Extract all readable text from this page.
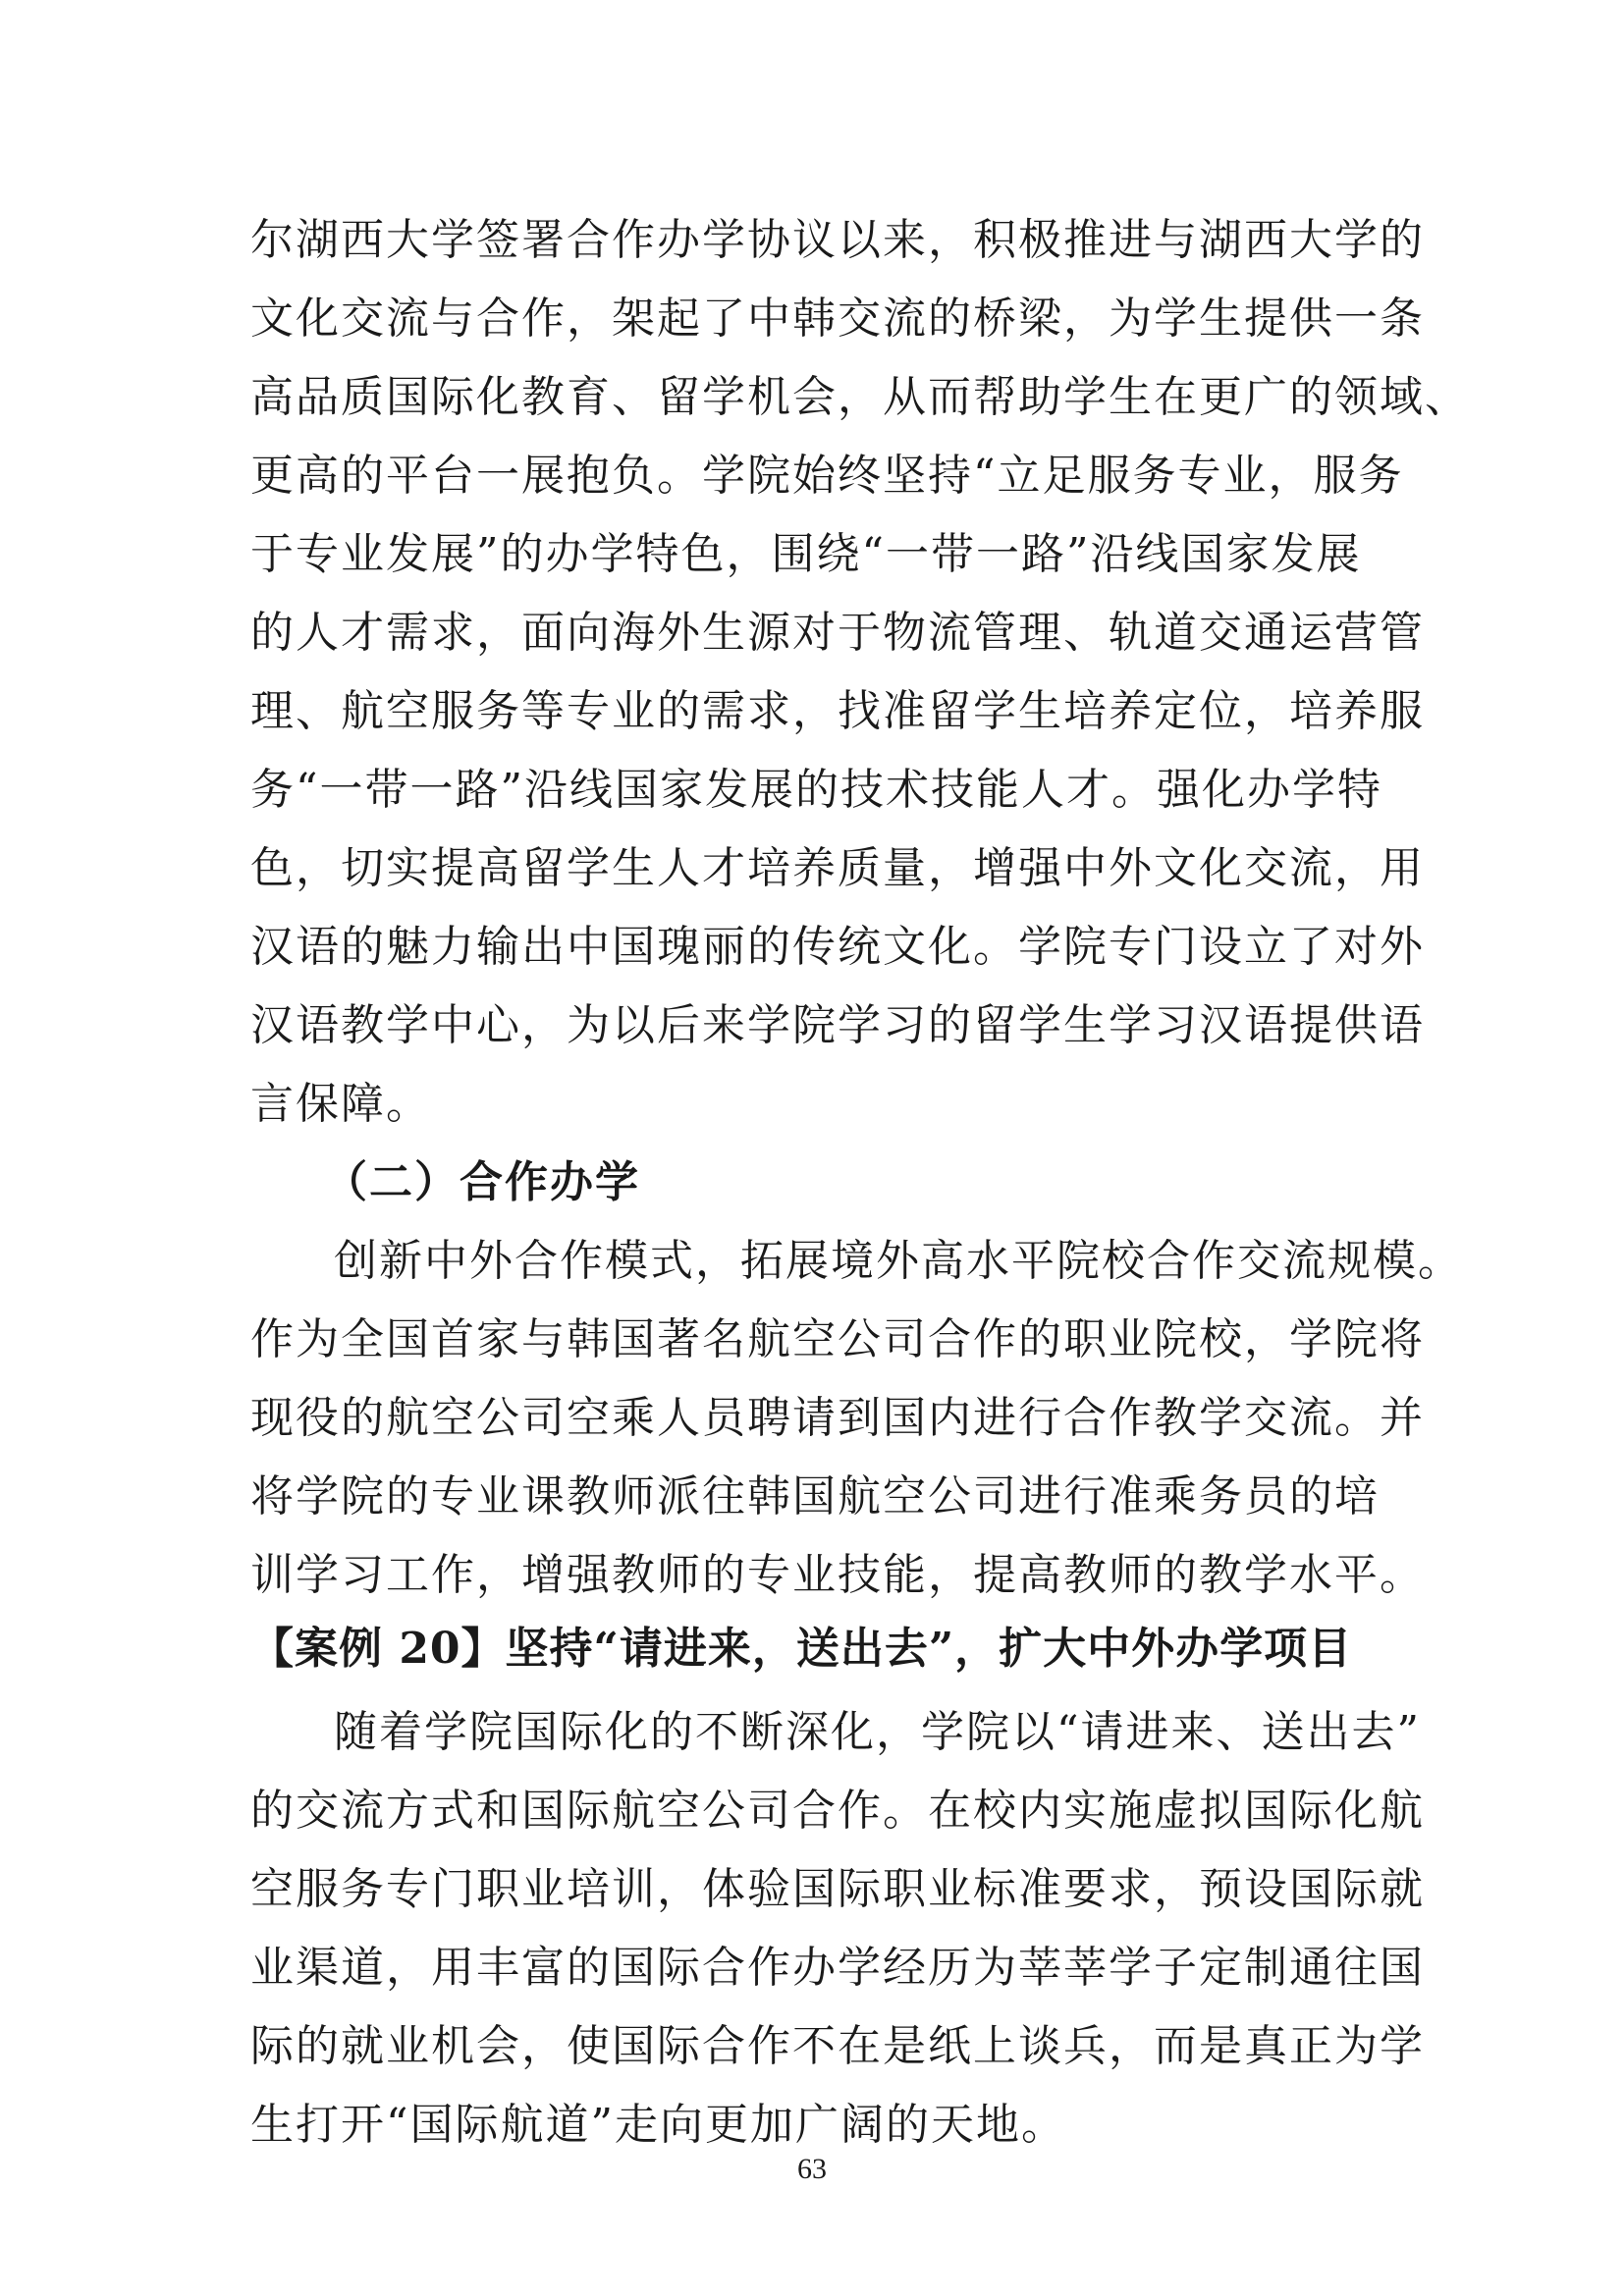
尔湖西大学签署合作办学协议以来，积极推进与湖西大学的
文化交流与合作，架起了中韩交流的桥梁，为学生提供一条
高品质国际化教育、留学机会，从而帮助学生在更广的领域、
更高的平台一展抱负。学院始终坚持“立足服务专业，服务
于专业发展”的办学特色，围绕“一带一路”沿线国家发展
的人才需求，面向海外生源对于物流管理、轨道交通运营管
理、航空服务等专业的需求，找准留学生培养定位，培养服
务“一带一路”沿线国家发展的技术技能人才。强化办学特
色，切实提高留学生人才培养质量，增强中外文化交流，用
汉语的魅力输出中国瑰丽的传统文化。学院专门设立了对外
汉语教学中心，为以后来学院学习的留学生学习汉语提供语
言保障。
（二）合作办学
创新中外合作模式，拓展境外高水平院校合作交流规模。
作为全国首家与韩国著名航空公司合作的职业院校，学院将
现役的航空公司空乘人员聘请到国内进行合作教学交流。并
将学院的专业课教师派往韩国航空公司进行准乘务员的培
训学习工作，增强教师的专业技能，提高教师的教学水平。
【案例 20】坚持“请进来，送出去”，扩大中外办学项目
随着学院国际化的不断深化，学院以“请进来、送出去”
的交流方式和国际航空公司合作。在校内实施虚拟国际化航
空服务专门职业培训，体验国际职业标准要求，预设国际就
业渠道，用丰富的国际合作办学经历为莘莘学子定制通往国
际的就业机会，使国际合作不在是纸上谈兵，而是真正为学
生打开“国际航道”走向更加广阔的天地。
63
